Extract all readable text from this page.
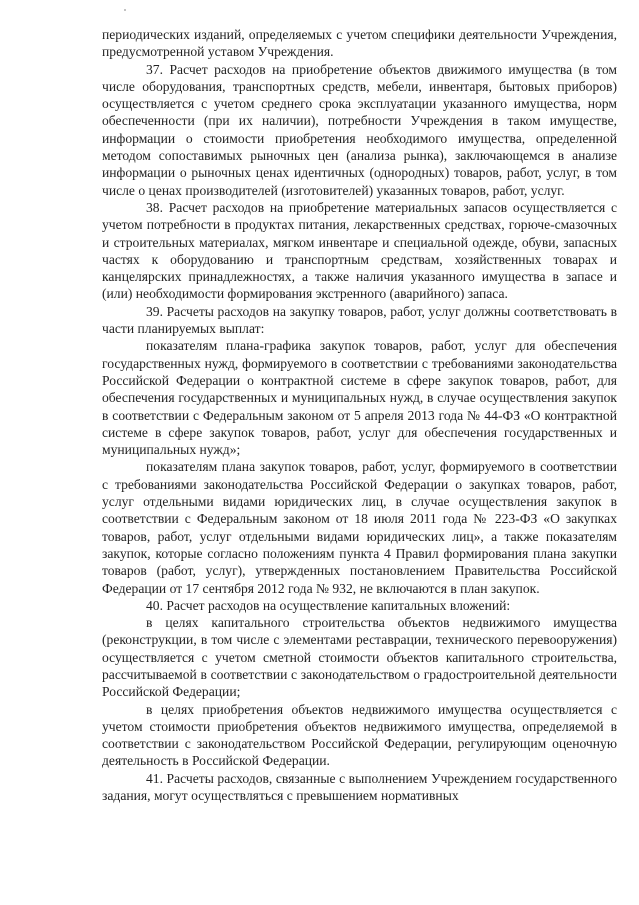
периодических изданий, определяемых с учетом специфики деятельности Учреждения, предусмотренной уставом Учреждения.

37. Расчет расходов на приобретение объектов движимого имущества (в том числе оборудования, транспортных средств, мебели, инвентаря, бытовых приборов) осуществляется с учетом среднего срока эксплуатации указанного имущества, норм обеспеченности (при их наличии), потребности Учреждения в таком имуществе, информации о стоимости приобретения необходимого имущества, определенной методом сопоставимых рыночных цен (анализа рынка), заключающемся в анализе информации о рыночных ценах идентичных (однородных) товаров, работ, услуг, в том числе о ценах производителей (изготовителей) указанных товаров, работ, услуг.

38. Расчет расходов на приобретение материальных запасов осуществляется с учетом потребности в продуктах питания, лекарственных средствах, горюче-смазочных и строительных материалах, мягком инвентаре и специальной одежде, обуви, запасных частях к оборудованию и транспортным средствам, хозяйственных товарах и канцелярских принадлежностях, а также наличия указанного имущества в запасе и (или) необходимости формирования экстренного (аварийного) запаса.

39. Расчеты расходов на закупку товаров, работ, услуг должны соответствовать в части планируемых выплат:

показателям плана-графика закупок товаров, работ, услуг для обеспечения государственных нужд, формируемого в соответствии с требованиями законодательства Российской Федерации о контрактной системе в сфере закупок товаров, работ, для обеспечения государственных и муниципальных нужд, в случае осуществления закупок в соответствии с Федеральным законом от 5 апреля 2013 года № 44-ФЗ «О контрактной системе в сфере закупок товаров, работ, услуг для обеспечения государственных и муниципальных нужд»;

показателям плана закупок товаров, работ, услуг, формируемого в соответствии с требованиями законодательства Российской Федерации о закупках товаров, работ, услуг отдельными видами юридических лиц, в случае осуществления закупок в соответствии с Федеральным законом от 18 июля 2011 года № 223-ФЗ «О закупках товаров, работ, услуг отдельными видами юридических лиц», а также показателям закупок, которые согласно положениям пункта 4 Правил формирования плана закупки товаров (работ, услуг), утвержденных постановлением Правительства Российской Федерации от 17 сентября 2012 года № 932, не включаются в план закупок.

40. Расчет расходов на осуществление капитальных вложений:

в целях капитального строительства объектов недвижимого имущества (реконструкции, в том числе с элементами реставрации, технического перевооружения) осуществляется с учетом сметной стоимости объектов капитального строительства, рассчитываемой в соответствии с законодательством о градостроительной деятельности Российской Федерации;

в целях приобретения объектов недвижимого имущества осуществляется с учетом стоимости приобретения объектов недвижимого имущества, определяемой в соответствии с законодательством Российской Федерации, регулирующим оценочную деятельность в Российской Федерации.

41. Расчеты расходов, связанные с выполнением Учреждением государственного задания, могут осуществляться с превышением нормативных
